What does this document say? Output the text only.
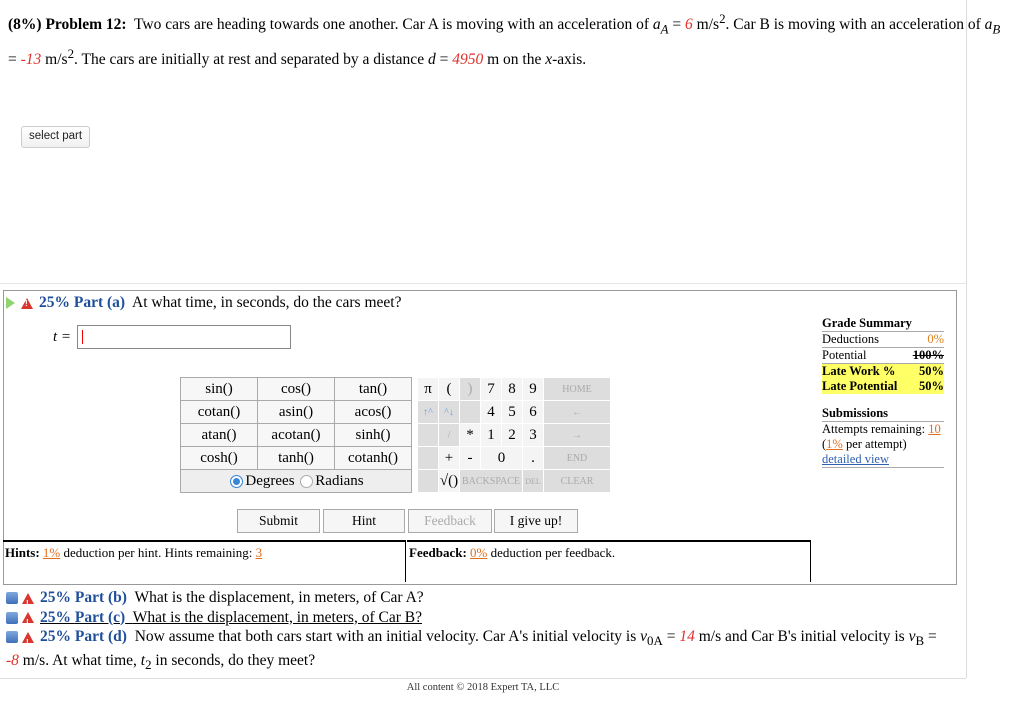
(8%) Problem 12: Two cars are heading towards one another. Car A is moving with an acceleration of $a_A = 6$ $m/s^2$. Car B is moving with an acceleration of $a_B = -13$ $m/s^2$. The cars are initially at rest and separated by a distance d = 4950 m on the x-axis.
select part
!25% Part (a) At what time, in seconds, do the cars meet?
t =
sin()	cos()	tan()
cotan()	asin()	acos()
atan()	acotan()	sinh()
cosh()	tanh()	cotanh()
Degrees Radians		
π	(	)	7	8	9	HOME
↑^	^↓		4	5	6	←
	/	*	1	2	3	→
	+	-	0		.	END
	√()	BACKSPACE			DEL	CLEAR
Submit	Hint	Feedback	I give up!
Hints: 1% deduction per hint. Hints remaining: 3	Feedback: 0% deduction per feedback.
Grade Summary
Deductions	0%
Potential	100%
Late Work % 50%
Late Potential 50%
Submissions
Attempts remaining: 10
(1% per attempt)
detailed view
!25% Part (b) What is the displacement, in meters, of Car A?
!25% Part (c) What is the displacement, in meters, of Car B?
!25% Part (d) Now assume that both cars start with an initial velocity. Car A's initial velocity is $v_{0A} = 14$ m/s and Car B's initial velocity is $v_B$ =
-8 m/s. At what time, $t_2$ in seconds, do they meet?
All content © 2018 Expert TA, LLC
